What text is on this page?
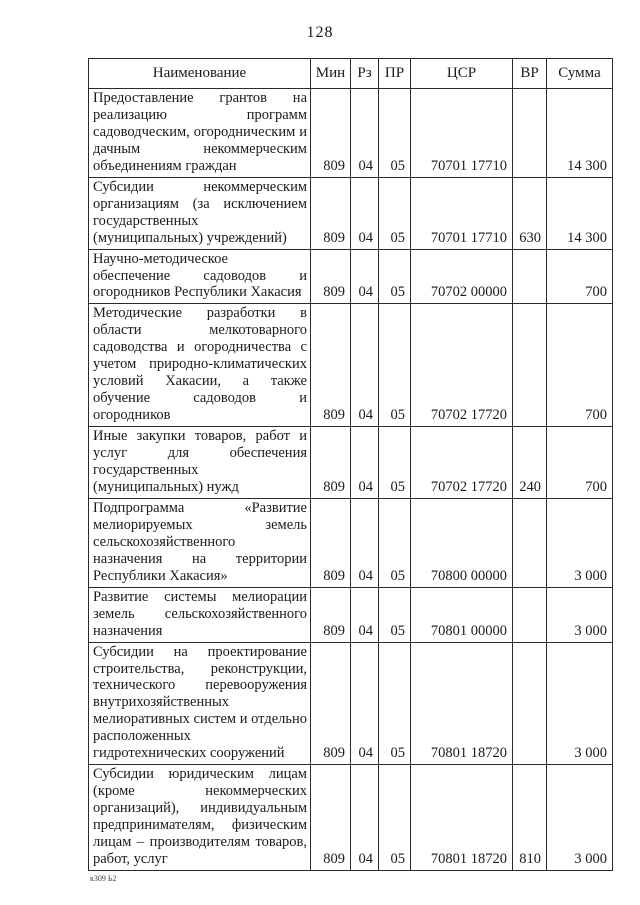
128
Наименование	Мин	Рз	ПР	ЦСР	ВР	Сумма
Предоставление грантов на реализацию программ садоводческим, огородническим и дачным некоммерческим объединениям граждан	809	04	05	70701 17710		14 300
Субсидии некоммерческим организациям (за исключением государственных (муниципальных) учреждений)	809	04	05	70701 17710	630	14 300
Научно-методическое обеспечение садоводов и огородников Республики Хакасия	809	04	05	70702 00000		700
Методические разработки в области мелкотоварного садоводства и огородничества с учетом природно-климатических условий Хакасии, а также обучение садоводов и огородников	809	04	05	70702 17720		700
Иные закупки товаров, работ и услуг для обеспечения государственных (муниципальных) нужд	809	04	05	70702 17720	240	700
Подпрограмма «Развитие мелиорируемых земель сельскохозяйственного назначения на территории Республики Хакасия»	809	04	05	70800 00000		3 000
Развитие системы мелиорации земель сельскохозяйственного назначения	809	04	05	70801 00000		3 000
Субсидии на проектирование строительства, реконструкции, технического перевооружения внутрихозяйственных мелиоративных систем и отдельно расположенных гидротехнических сооружений	809	04	05	70801 18720		3 000
Субсидии юридическим лицам (кроме некоммерческих организаций), индивидуальным предпринимателям, физическим лицам – производителям товаров, работ, услуг	809	04	05	70801 18720	810	3 000
к309 Ь2
